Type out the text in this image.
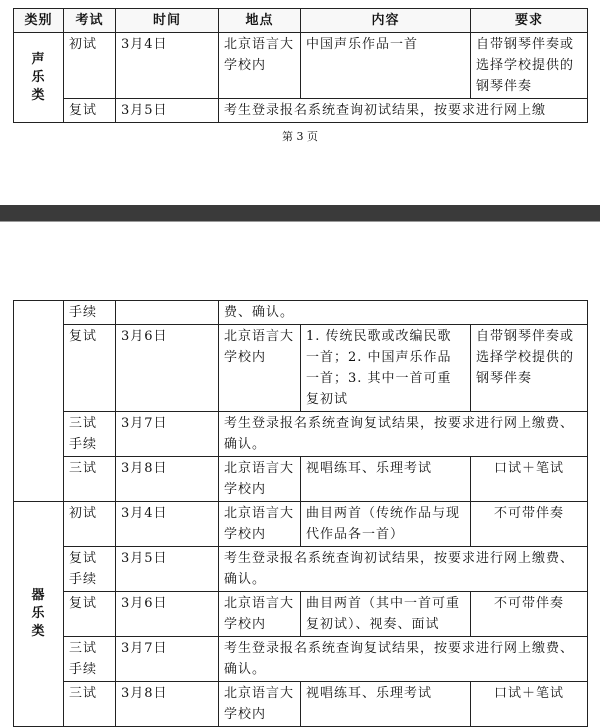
类别	考试	时间	地点	内容	要求

声乐类	初试	3月4日	北京语言大学校内	中国声乐作品一首	自带钢琴伴奏或选择学校提供的钢琴伴奏
	复试	3月5日	考生登录报名系统查询初试结果，按要求进行网上缴		
第 3 页
	手续		费、确认。		
	复试	3月6日	北京语言大学校内	1. 传统民歌或改编民歌一首；2. 中国声乐作品一首；3. 其中一首可重复初试	自带钢琴伴奏或选择学校提供的钢琴伴奏
	三试手续	3月7日	考生登录报名系统查询复试结果，按要求进行网上缴费、确认。		
	三试	3月8日	北京语言大学校内	视唱练耳、乐理考试	口试＋笔试

器乐类	初试	3月4日	北京语言大学校内	曲目两首（传统作品与现代作品各一首）	不可带伴奏
	复试手续	3月5日	考生登录报名系统查询初试结果，按要求进行网上缴费、确认。		
	复试	3月6日	北京语言大学校内	曲目两首（其中一首可重复初试）、视奏、面试	不可带伴奏
	三试手续	3月7日	考生登录报名系统查询复试结果，按要求进行网上缴费、确认。		
	三试	3月8日	北京语言大学校内	视唱练耳、乐理考试	口试＋笔试
